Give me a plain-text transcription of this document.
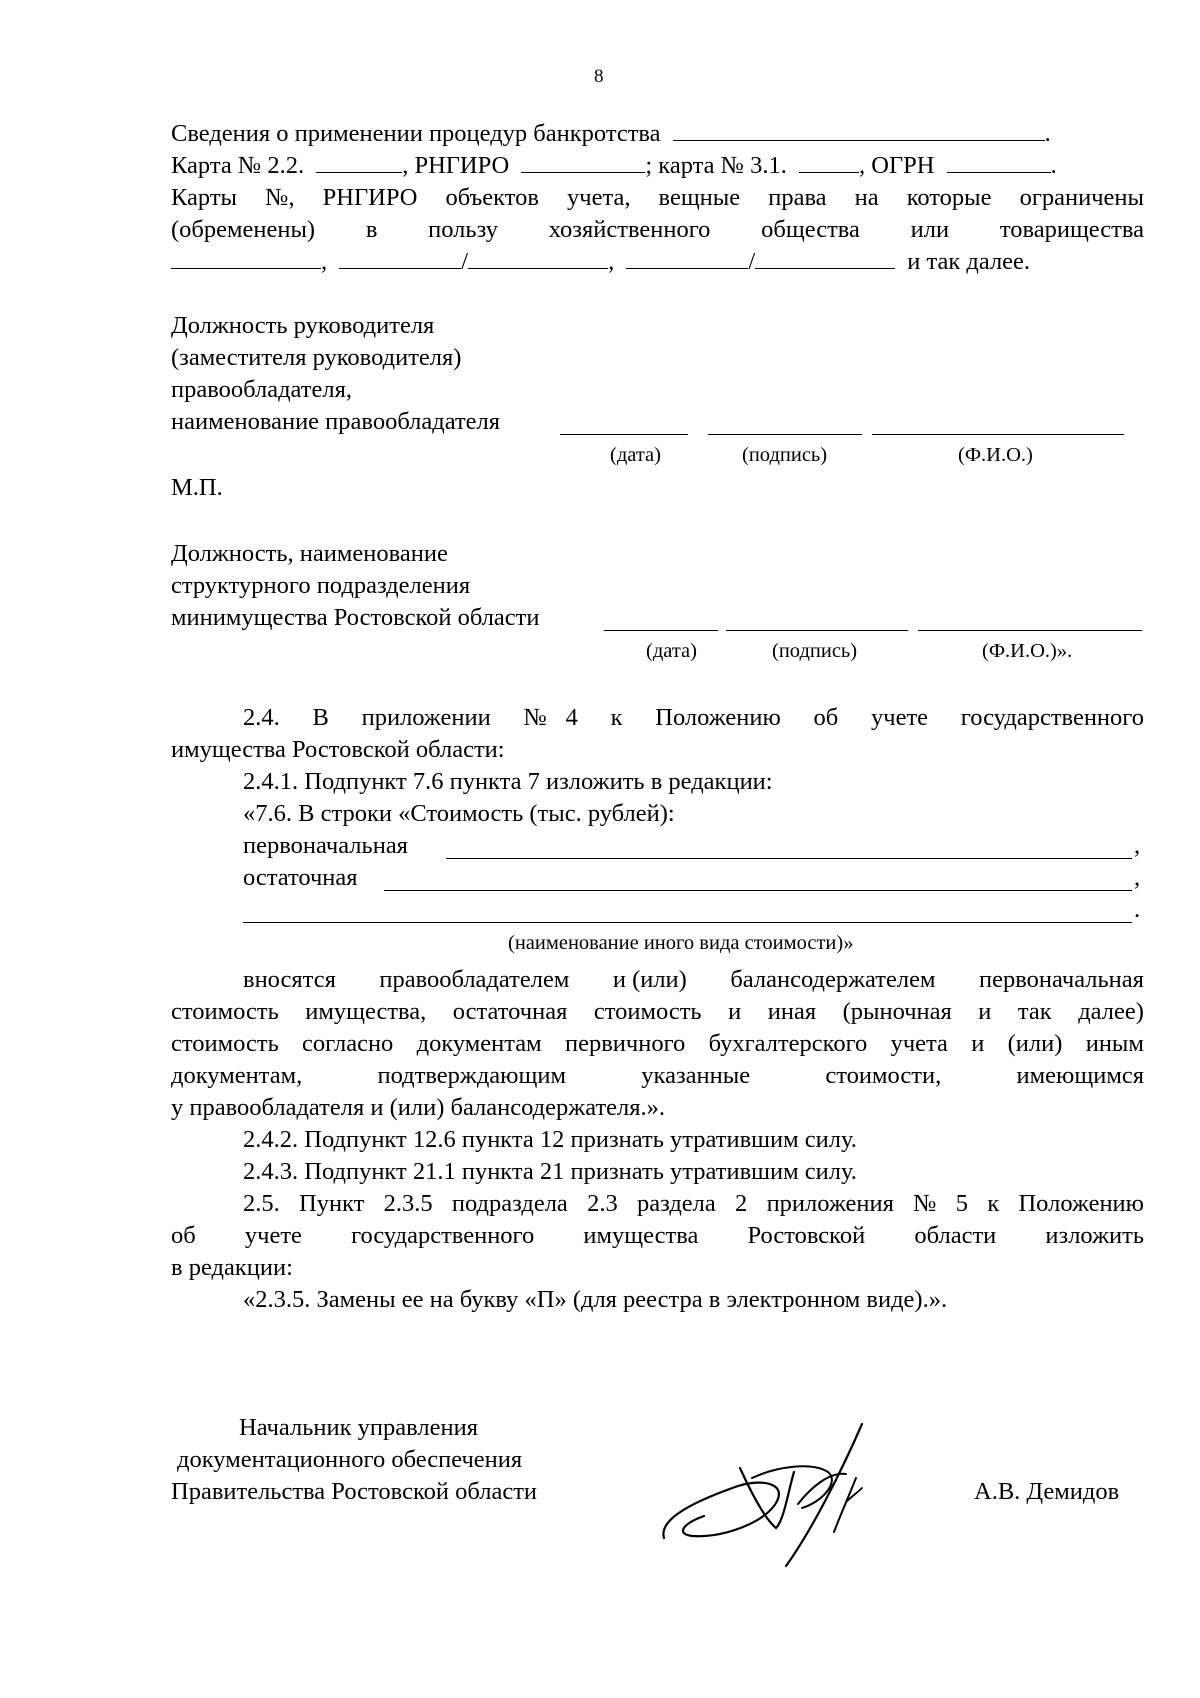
8
Сведения о применении процедур банкротства	.
Карта № 2.2.	, РНГИРО	; карта № 3.1.	, ОГРН	.
Карты №, РНГИРО объектов учета, вещные права на которые ограничены
(обременены) в пользу хозяйственного общества или товарищества
,	/	,	/	и так далее.
Должность руководителя
(заместителя руководителя)
правообладателя,
наименование правообладателя
(дата)	(подпись)	(Ф.И.О.)
М.П.
Должность, наименование
структурного подразделения
минимущества Ростовской области
(дата)	(подпись)	(Ф.И.О.)».
2.4. В приложении № 4 к Положению об учете государственного
имущества Ростовской области:
2.4.1. Подпункт 7.6 пункта 7 изложить в редакции:
«7.6. В строки «Стоимость (тыс. рублей):
первоначальная	,
остаточная	,
.
(наименование иного вида стоимости)»
вносятся правообладателем и (или) балансодержателем первоначальная
стоимость имущества, остаточная стоимость и иная (рыночная и так далее)
стоимость согласно документам первичного бухгалтерского учета и (или) иным
документам,	подтверждающим	указанные	стоимости,	имеющимся
у правообладателя и (или) балансодержателя.».
2.4.2. Подпункт 12.6 пункта 12 признать утратившим силу.
2.4.3. Подпункт 21.1 пункта 21 признать утратившим силу.
2.5. Пункт 2.3.5 подраздела 2.3 раздела 2 приложения № 5 к Положению
об учете государственного имущества Ростовской области изложить
в редакции:
«2.3.5. Замены ее на букву «П» (для реестра в электронном виде).».
Начальник управления
документационного обеспечения
Правительства Ростовской области	А.В. Демидов
